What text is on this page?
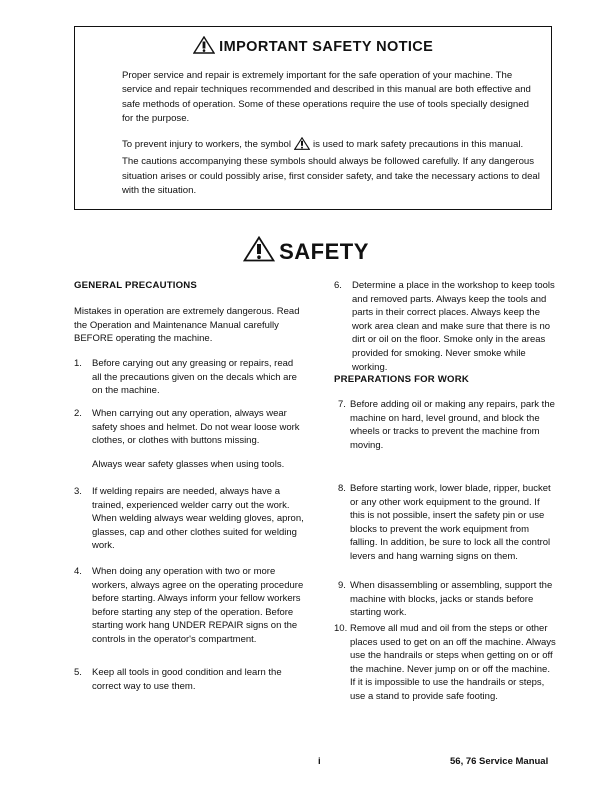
IMPORTANT SAFETY NOTICE

Proper service and repair is extremely important for the safe operation of your machine. The service and repair techniques recommended and described in this manual are both effective and safe methods of operation. Some of these operations require the use of tools specially designed for the purpose.

To prevent injury to workers, the symbol is used to mark safety precautions in this manual. The cautions accompanying these symbols should always be followed carefully. If any dangerous situation arises or could possibly arise, first consider safety, and take the necessary actions to deal with the situation.

SAFETY
GENERAL PRECAUTIONS
Mistakes in operation are extremely dangerous. Read the Operation and Maintenance Manual carefully BEFORE operating the machine.
1. Before carying out any greasing or repairs, read all the precautions given on the decals which are on the machine.
2. When carrying out any operation, always wear safety shoes and helmet. Do not wear loose work clothes, or clothes with buttons missing.
Always wear safety glasses when using tools.
3. If welding repairs are needed, always have a trained, experienced welder carry out the work. When welding always wear welding gloves, apron, glasses, cap and other clothes suited for welding work.
4. When doing any operation with two or more workers, always agree on the operating procedure before starting. Always inform your fellow workers before starting any step of the operation. Before starting work hang UNDER REPAIR signs on the controls in the operator's compartment.
5. Keep all tools in good condition and learn the correct way to use them.
6. Determine a place in the workshop to keep tools and removed parts. Always keep the tools and parts in their correct places. Always keep the work area clean and make sure that there is no dirt or oil on the floor. Smoke only in the areas provided for smoking. Never smoke while working.
PREPARATIONS FOR WORK
7. Before adding oil or making any repairs, park the machine on hard, level ground, and block the wheels or tracks to prevent the machine from moving.
8. Before starting work, lower blade, ripper, bucket or any other work equipment to the ground. If this is not possible, insert the safety pin or use blocks to prevent the work equipment from falling. In addition, be sure to lock all the control levers and hang warning signs on them.
9. When disassembling or assembling, support the machine with blocks, jacks or stands before starting work.
10. Remove all mud and oil from the steps or other places used to get on an off the machine. Always use the handrails or steps when getting on or off the machine. Never jump on or off the machine. If it is impossible to use the handrails or steps, use a stand to provide safe footing.
i	56, 76 Service Manual
